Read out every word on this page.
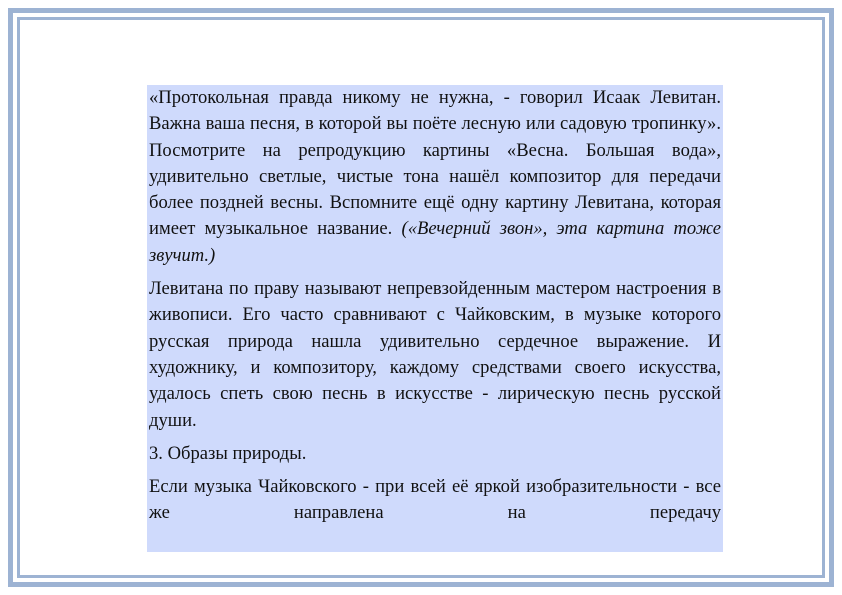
«Протокольная правда никому не нужна, - говорил Исаак Левитан. Важна ваша песня, в которой вы поёте лесную или садовую тропинку». Посмотрите на репродукцию картины «Весна. Большая вода», удивительно светлые, чистые тона нашёл композитор для передачи более поздней весны. Вспомните ещё одну картину Левитана, которая имеет музыкальное название. («Вечерний звон», эта картина тоже звучит.)

Левитана по праву называют непревзойденным мастером настроения в живописи. Его часто сравнивают с Чайковским, в музыке которого русская природа нашла удивительно сердечное выражение. И художнику, и композитору, каждому средствами своего искусства, удалось спеть свою песнь в искусстве - лирическую песнь русской души.

3. Образы природы.

Если музыка Чайковского - при всей её яркой изобразительности - все же направлена на передачу
